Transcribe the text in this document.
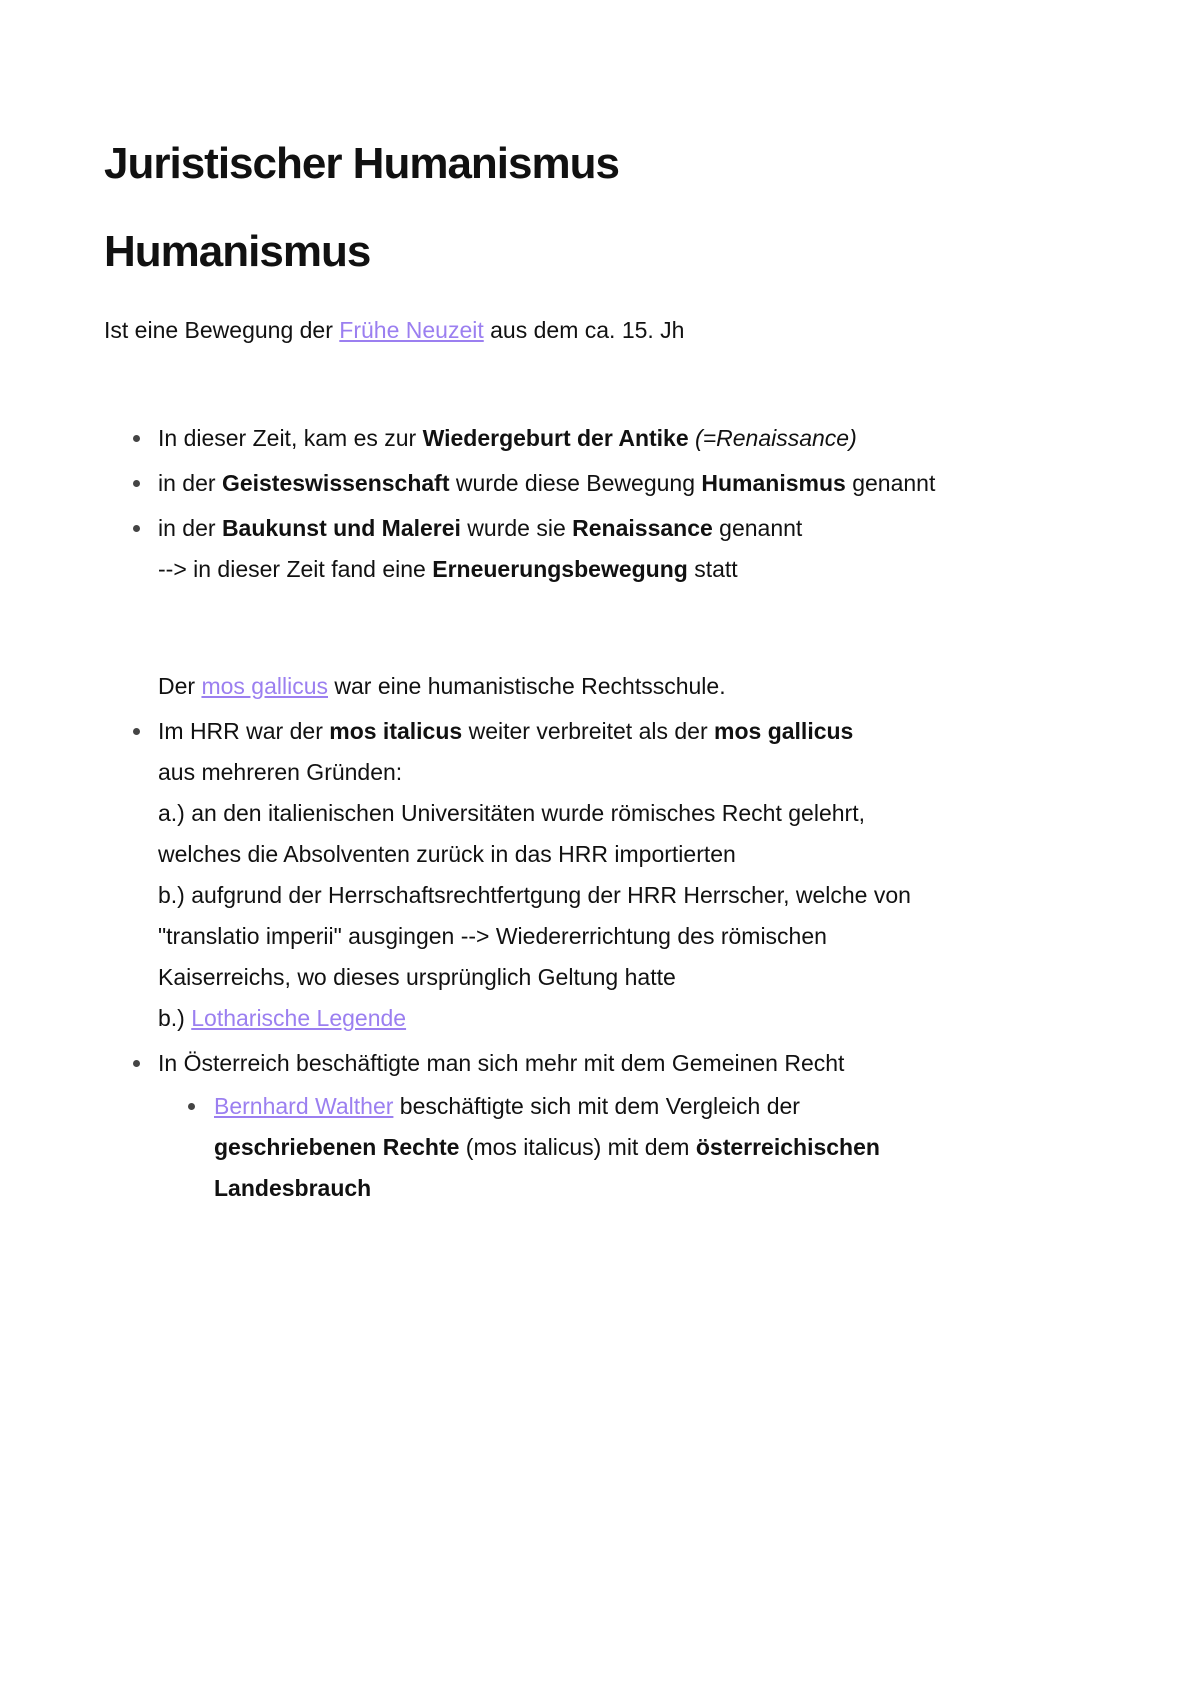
Juristischer Humanismus
Humanismus

Ist eine Bewegung der Frühe Neuzeit aus dem ca. 15. Jh

In dieser Zeit, kam es zur Wiedergeburt der Antike (=Renaissance)
in der Geisteswissenschaft wurde diese Bewegung Humanismus genannt
in der Baukunst und Malerei wurde sie Renaissance genannt
--> in dieser Zeit fand eine Erneuerungsbewegung statt
Der mos gallicus war eine humanistische Rechtsschule.
Im HRR war der mos italicus weiter verbreitet als der mos gallicus
aus mehreren Gründen:
a.) an den italienischen Universitäten wurde römisches Recht gelehrt,
welches die Absolventen zurück in das HRR importierten
b.) aufgrund der Herrschaftsrechtfertgung der HRR Herrscher, welche von
"translatio imperii" ausgingen --> Wiedererrichtung des römischen
Kaiserreichs, wo dieses ursprünglich Geltung hatte
b.) Lotharische Legende
In Österreich beschäftigte man sich mehr mit dem Gemeinen Recht
Bernhard Walther beschäftigte sich mit dem Vergleich der
geschriebenen Rechte (mos italicus) mit dem österreichischen
Landesbrauch
